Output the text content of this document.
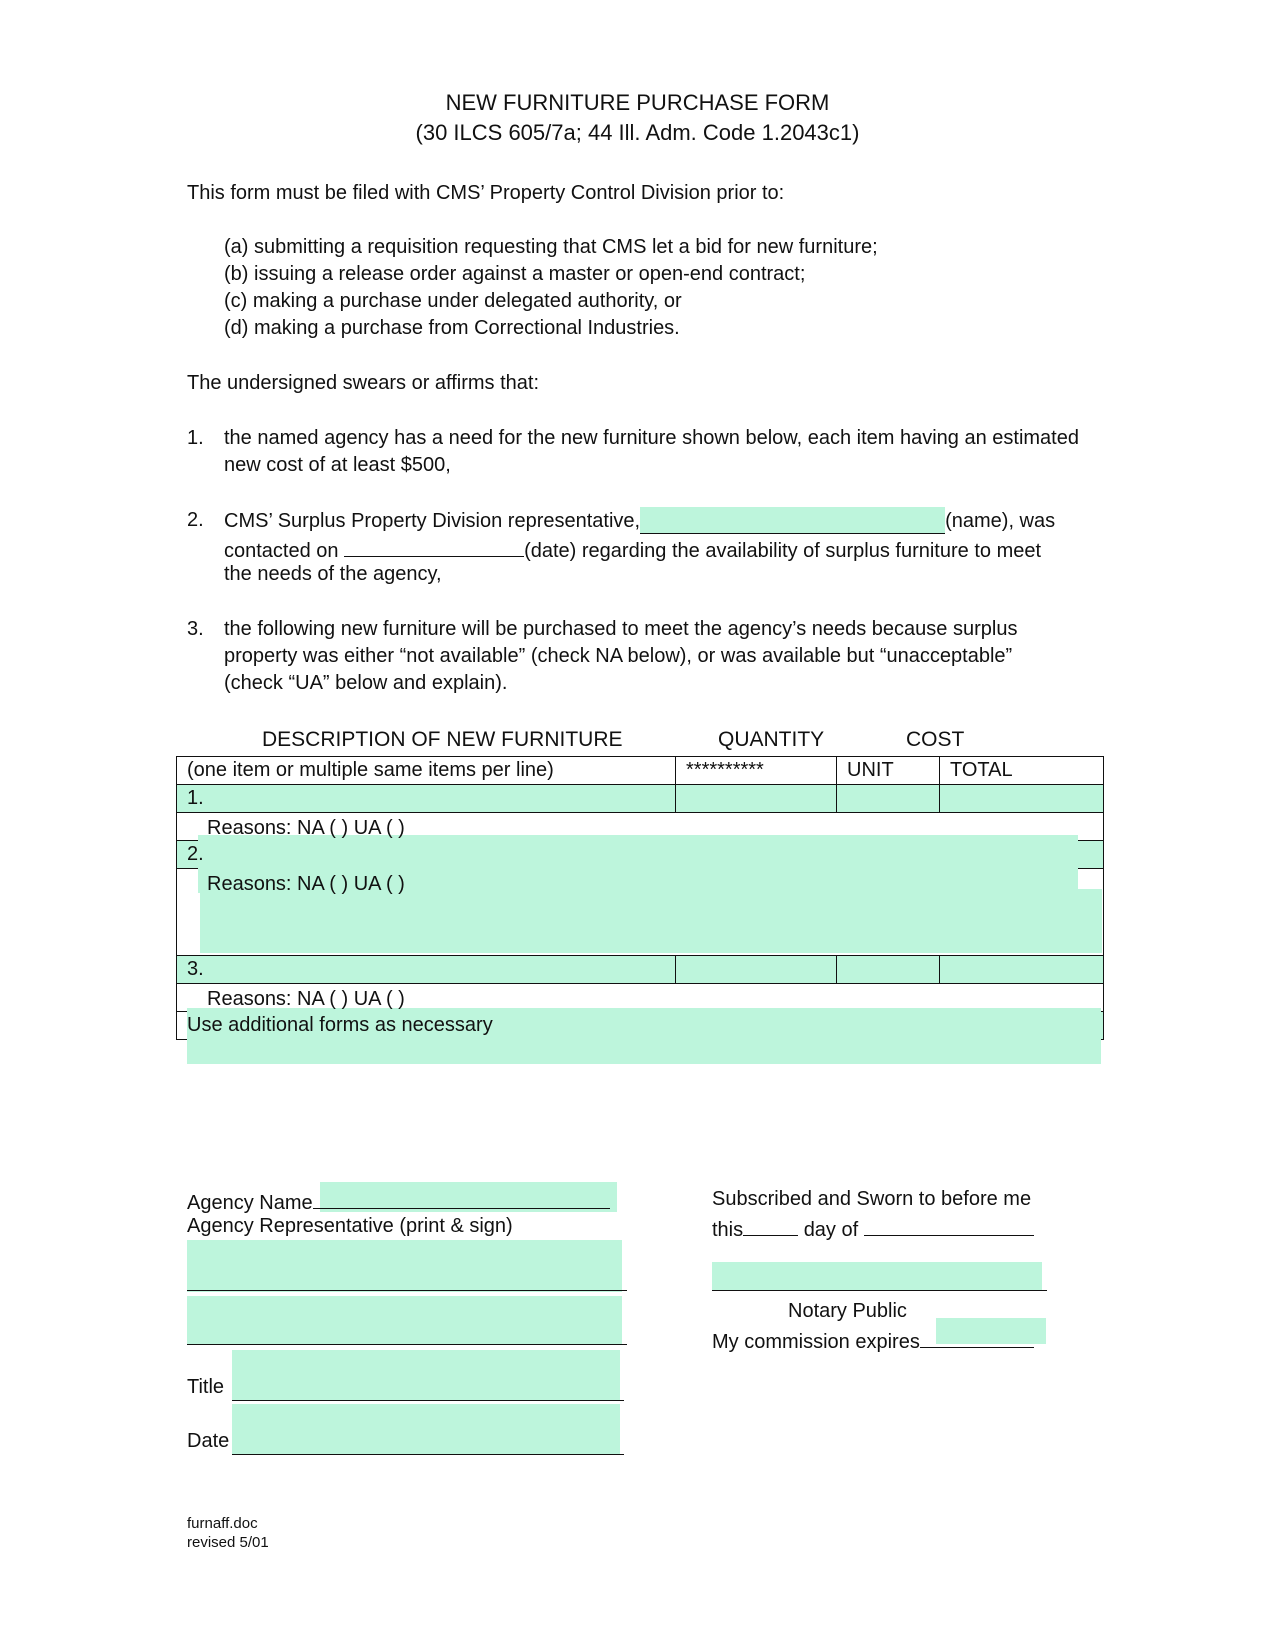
NEW FURNITURE PURCHASE FORM
(30 ILCS 605/7a; 44 Ill. Adm. Code 1.2043c1)
This form must be filed with CMS’ Property Control Division prior to:
(a) submitting a requisition requesting that CMS let a bid for new furniture;
(b) issuing a release order against a master or open-end contract;
(c) making a purchase under delegated authority, or
(d) making a purchase from Correctional Industries.
The undersigned swears or affirms that:
1. the named agency has a need for the new furniture shown below, each item having an estimated
new cost of at least $500,
2. CMS’ Surplus Property Division representative,	(name), was
contacted on	(date) regarding the availability of surplus furniture to meet
the needs of the agency,
3. the following new furniture will be purchased to meet the agency’s needs because surplus
property was either “not available” (check NA below), or was available but “unacceptable”
(check “UA” below and explain).
DESCRIPTION OF NEW FURNITURE	QUANTITY	COST
(one item or multiple same items per line)	**********	UNIT	TOTAL

1.			

Reasons: NA ( ) UA ( )			

2.			

Reasons: NA ( ) UA ( )			

3.			

Reasons: NA ( ) UA ( )			

Use additional forms as necessary			

Agency Name
Agency Representative (print & sign)
Title
Date
Subscribed and Sworn to before me
this	day of
Notary Public
My commission expires
furnaff.doc
revised 5/01
